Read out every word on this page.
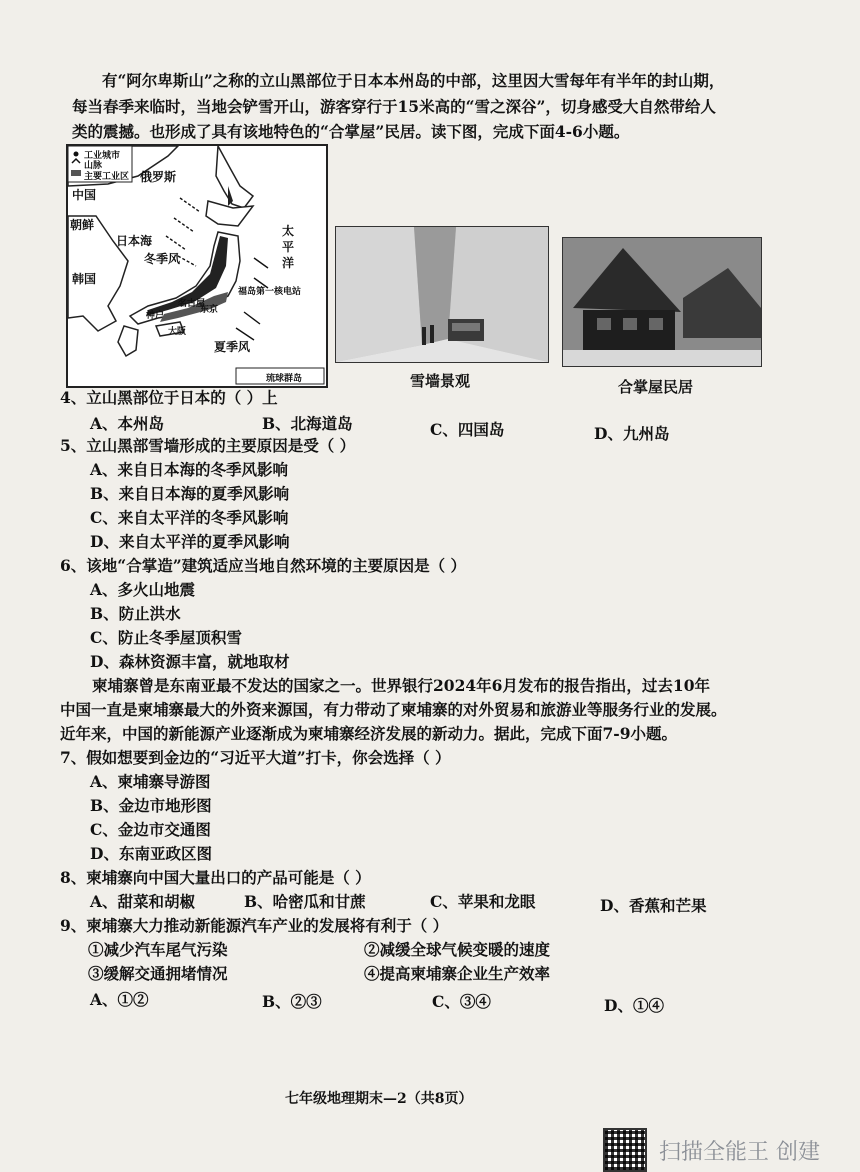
有“阿尔卑斯山”之称的立山黑部位于日本本州岛的中部，这里因大雪每年有半年的封山期，
每当春季来临时，当地会铲雪开山，游客穿行于15米高的“雪之深谷”，切身感受大自然带给人
类的震撼。也形成了具有该地特色的“合掌屋”民居。读下图，完成下面4-6小题。
工业城市
山脉
主要工业区 俄罗斯
中国
朝鲜
日本海
韩国
冬季风
太
平
洋
福岛第一核电站
名古屋
东京
神户
大阪
夏季风
琉球群岛	雪墙景观	合掌屋民居
4、立山黑部位于日本的（ ）上
A、本州岛	B、北海道岛	C、四国岛	D、九州岛
5、立山黑部雪墙形成的主要原因是受（ ）
A、来自日本海的冬季风影响
B、来自日本海的夏季风影响
C、来自太平洋的冬季风影响
D、来自太平洋的夏季风影响
6、该地“合掌造”建筑适应当地自然环境的主要原因是（ ）
A、多火山地震
B、防止洪水
C、防止冬季屋顶积雪
D、森林资源丰富，就地取材
柬埔寨曾是东南亚最不发达的国家之一。世界银行2024年6月发布的报告指出，过去10年
中国一直是柬埔寨最大的外资来源国，有力带动了柬埔寨的对外贸易和旅游业等服务行业的发展。
近年来，中国的新能源产业逐渐成为柬埔寨经济发展的新动力。据此，完成下面7-9小题。
7、假如想要到金边的“习近平大道”打卡，你会选择（ ）
A、柬埔寨导游图
B、金边市地形图
C、金边市交通图
D、东南亚政区图
8、柬埔寨向中国大量出口的产品可能是（ ）
A、甜菜和胡椒	B、哈密瓜和甘蔗	C、苹果和龙眼	D、香蕉和芒果
9、柬埔寨大力推动新能源汽车产业的发展将有利于（ ）
①减少汽车尾气污染	②减缓全球气候变暖的速度
③缓解交通拥堵情况	④提高柬埔寨企业生产效率
A、①②	B、②③	C、③④	D、①④
七年级地理期末—2（共8页）
扫描全能王 创建
